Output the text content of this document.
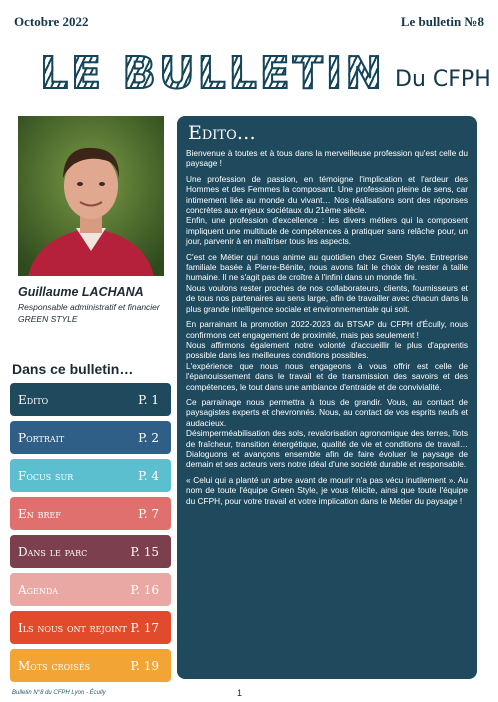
Octobre 2022	Le bulletin №8
LE BULLETIN Du CFPH
Guillaume LACHANA
Responsable administratif et financier
GREEN STYLE
Dans ce bulletin…
Edito	P. 1
Portrait	P. 2
Focus sur	P. 4
En bref	P. 7
Dans le parc	P. 15
Agenda	P. 16
Ils nous ont rejoint P. 17
Mots croisés	P. 19
Edito…

Bienvenue à toutes et à tous dans la merveilleuse profession qu'est celle du paysage !

Une profession de passion, en témoigne l'implication et l'ardeur des Hommes et des Femmes la composant. Une profession pleine de sens, car intimement liée au monde du vivant… Nos réalisations sont des réponses concrètes aux enjeux sociétaux du 21ème siècle.
Enfin, une profession d'excellence : les divers métiers qui la composent impliquent une multitude de compétences à pratiquer sans relâche pour, un jour, parvenir à en maîtriser tous les aspects.

C'est ce Métier qui nous anime au quotidien chez Green Style. Entreprise familiale basée à Pierre-Bénite, nous avons fait le choix de rester à taille humaine. Il ne s'agit pas de croître à l'infini dans un monde fini.
Nous voulons rester proches de nos collaborateurs, clients, fournisseurs et de tous nos partenaires au sens large, afin de travailler avec chacun dans la plus grande intelligence sociale et environnementale qui soit.

En parrainant la promotion 2022-2023 du BTSAP du CFPH d'Écully, nous confirmons cet engagement de proximité, mais pas seulement !
Nous affirmons également notre volonté d'accueillir le plus d'apprentis possible dans les meilleures conditions possibles.
L'expérience que nous nous engageons à vous offrir est celle de l'épanouissement dans le travail et de transmission des savoirs et des compétences, le tout dans une ambiance d'entraide et de convivialité.

Ce parrainage nous permettra à tous de grandir. Vous, au contact de paysagistes experts et chevronnés. Nous, au contact de vos esprits neufs et audacieux.
Désimperméabilisation des sols, revalorisation agronomique des terres, îlots de fraîcheur, transition énergétique, qualité de vie et conditions de travail… Dialoguons et avançons ensemble afin de faire évoluer le paysage de demain et ses acteurs vers notre idéal d'une société durable et responsable.

« Celui qui a planté un arbre avant de mourir n'a pas vécu inutilement ». Au nom de toute l'équipe Green Style, je vous félicite, ainsi que toute l'équipe du CFPH, pour votre travail et votre implication dans le Métier du paysage !

Bulletin N°8 du CFPH Lyon - Écully	1
